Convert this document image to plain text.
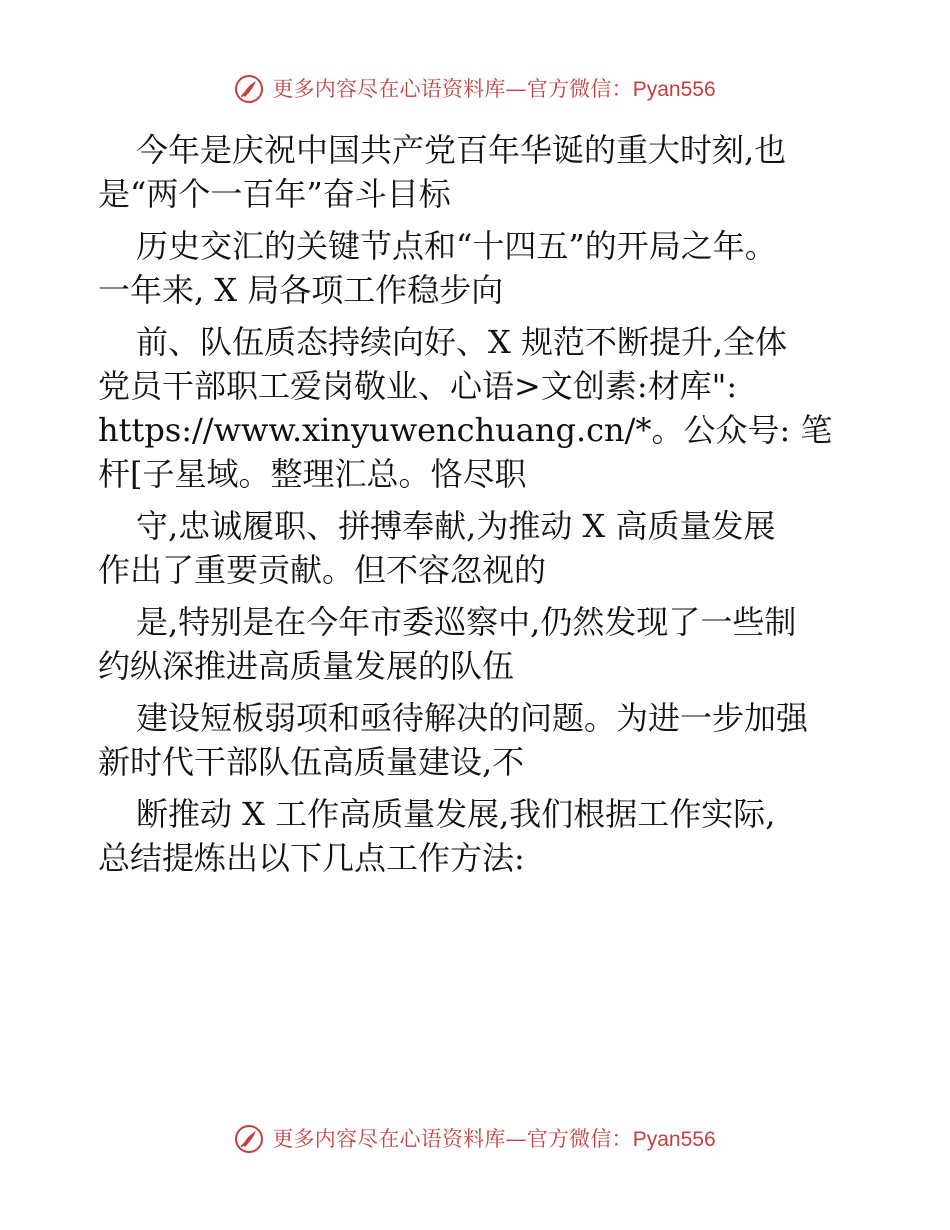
更多内容尽在心语资料库—官方微信：Pyan556
今年是庆祝中国共产党百年华诞的重大时刻,也
是“两个一百年”奋斗目标
历史交汇的关键节点和“十四五”的开局之年。
一年来, X 局各项工作稳步向
前、队伍质态持续向好、X 规范不断提升,全体
党员干部职工爱岗敬业、心语>文创素:材库":
https://www.xinyuwenchuang.cn/*。公众号: 笔
杆[子星域。整理汇总。恪尽职
守,忠诚履职、拼搏奉献,为推动 X 高质量发展
作出了重要贡献。但不容忽视的
是,特别是在今年市委巡察中,仍然发现了一些制
约纵深推进高质量发展的队伍
建设短板弱项和亟待解决的问题。为进一步加强
新时代干部队伍高质量建设,不
断推动 X 工作高质量发展,我们根据工作实际,
总结提炼出以下几点工作方法:
更多内容尽在心语资料库—官方微信：Pyan556
